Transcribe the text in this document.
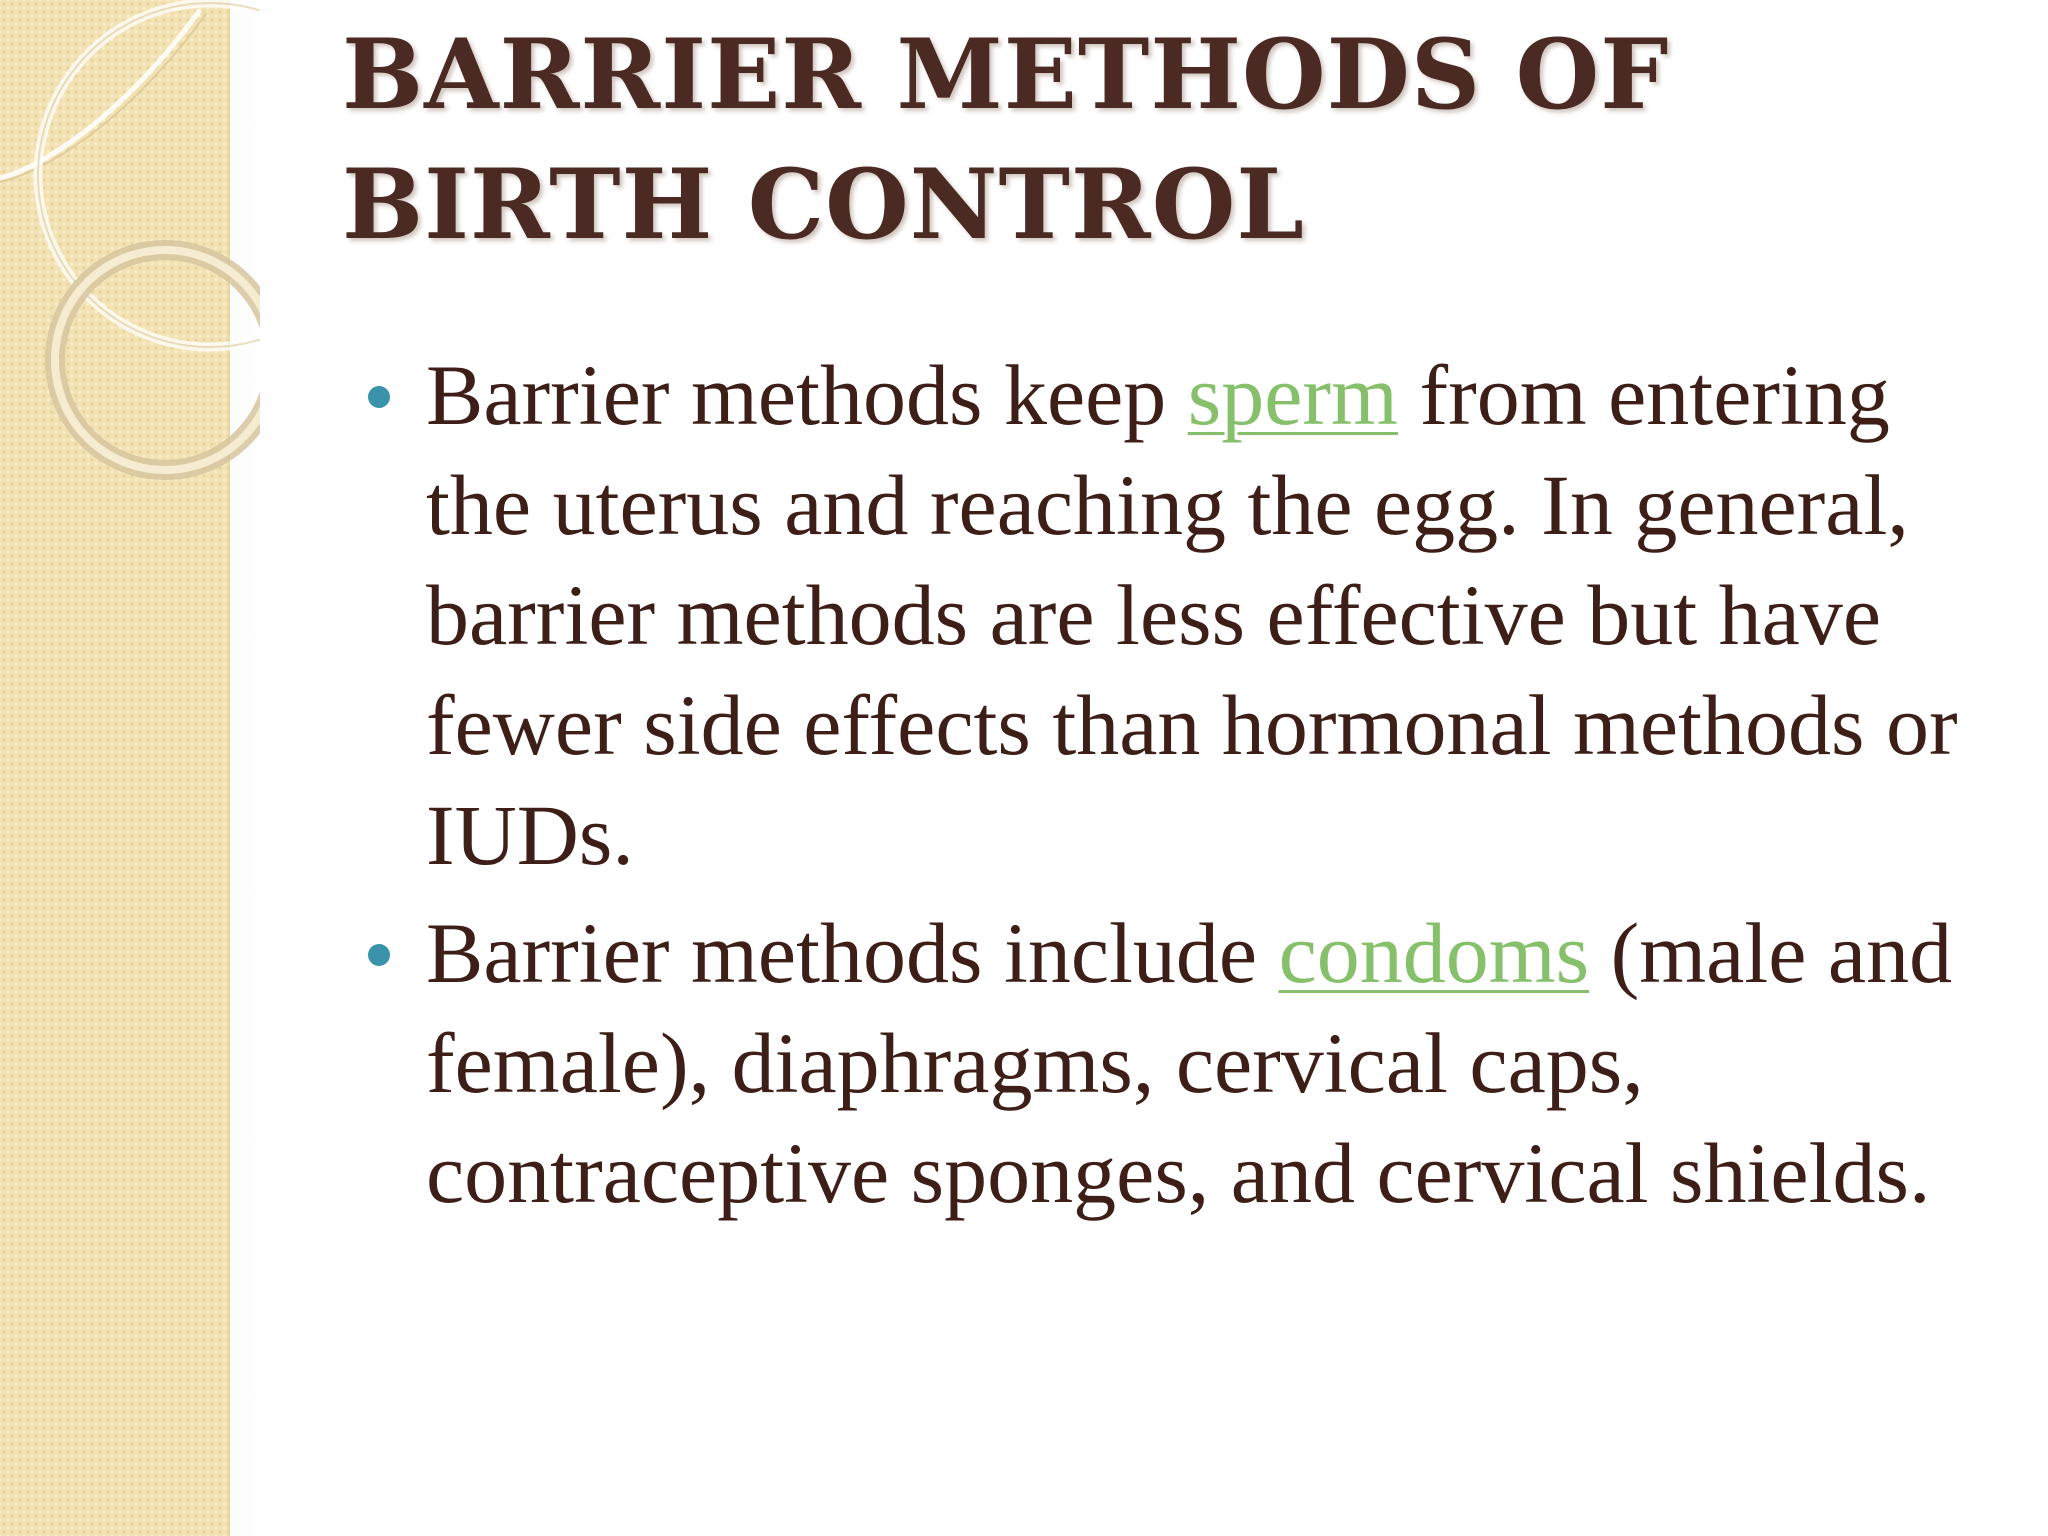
BARRIER METHODS OF BIRTH CONTROL
Barrier methods keep sperm from entering the uterus and reaching the egg. In general, barrier methods are less effective but have fewer side effects than hormonal methods or IUDs.
Barrier methods include condoms (male and female), diaphragms, cervical caps, contraceptive sponges, and cervical shields.
